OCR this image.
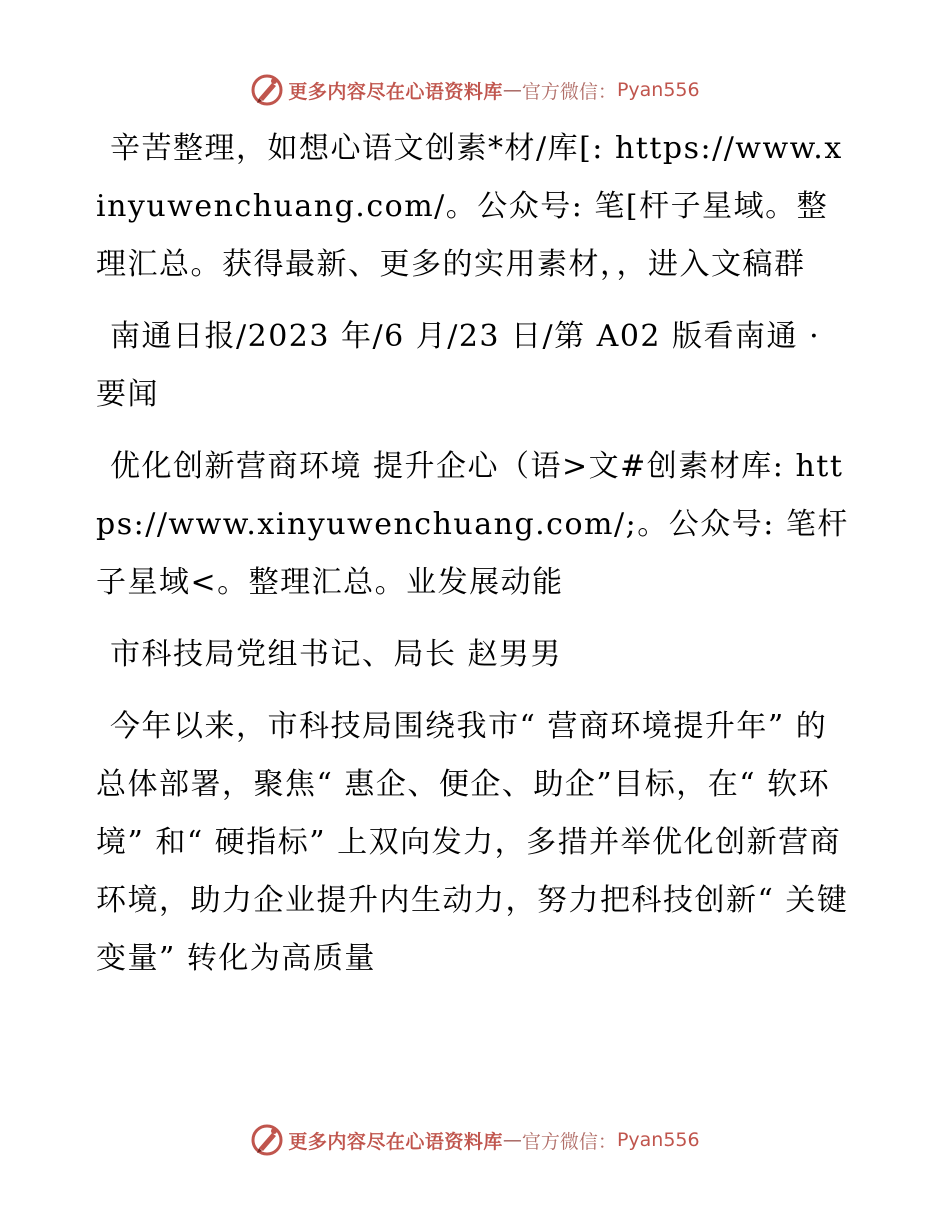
更多内容尽在心语资料库 — 官方微信： Pyan556

辛苦整理，如想心语文创素*材/库[: https://www.xinyuwenchuang.com/。公众号: 笔[杆子星域。整理汇总。获得最新、更多的实用素材，，进入文稿群

南通日报/2023 年/6 月/23 日/第 A02 版看南通 · 要闻

优化创新营商环境 提升企心（语>文#创素材库: https://www.xinyuwenchuang.com/;。公众号: 笔杆子星域<。整理汇总。业发展动能

市科技局党组书记、局长 赵男男

今年以来，市科技局围绕我市“ 营商环境提升年” 的总体部署，聚焦“ 惠企、便企、助企”目标，在“ 软环境” 和“ 硬指标” 上双向发力，多措并举优化创新营商环境，助力企业提升内生动力，努力把科技创新“ 关键变量” 转化为高质量

更多内容尽在心语资料库 — 官方微信： Pyan556
